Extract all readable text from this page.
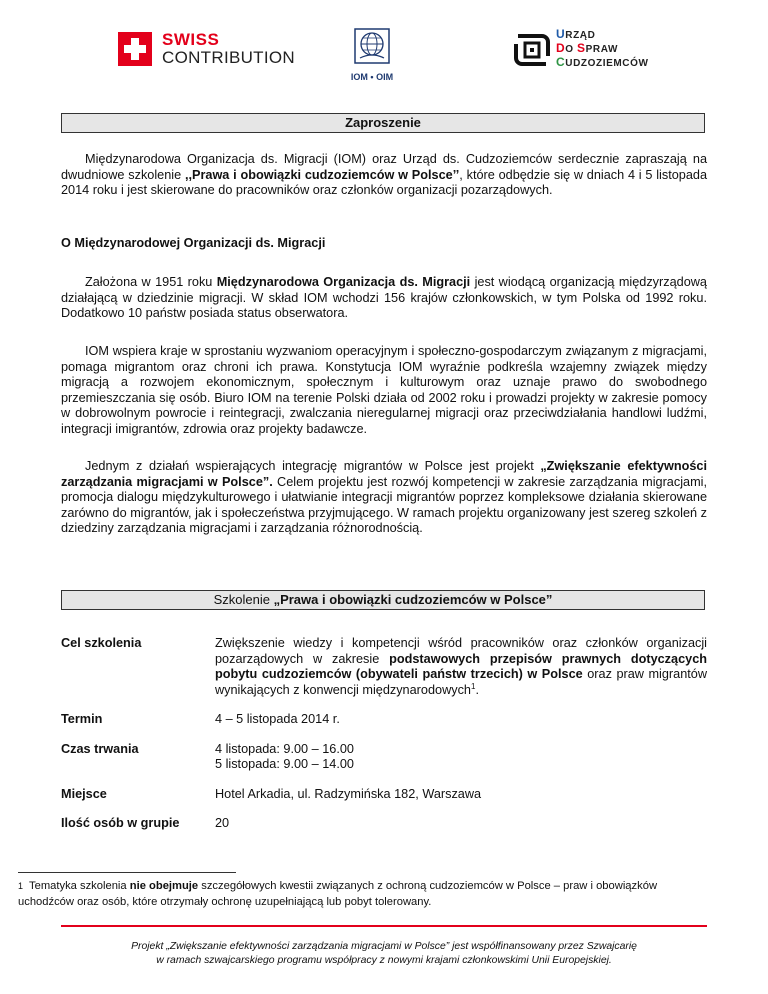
SWISS
CONTRIBUTION
IOM • OIM
URZĄD
DO SPRAW
CUDZOZIEMCÓW
Zaproszenie

Międzynarodowa Organizacja ds. Migracji (IOM) oraz Urząd ds. Cudzoziemców serdecznie zapraszają na dwudniowe szkolenie ,,Prawa i obowiązki cudzoziemców w Polsce’’, które odbędzie się w dniach 4 i 5 listopada 2014 roku i jest skierowane do pracowników oraz członków organizacji pozarządowych.

O Międzynarodowej Organizacji ds. Migracji

Założona w 1951 roku Międzynarodowa Organizacja ds. Migracji jest wiodącą organizacją międzyrządową działającą w dziedzinie migracji. W skład IOM wchodzi 156 krajów członkowskich, w tym Polska od 1992 roku. Dodatkowo 10 państw posiada status obserwatora.

IOM wspiera kraje w sprostaniu wyzwaniom operacyjnym i społeczno-gospodarczym związanym z migracjami, pomaga migrantom oraz chroni ich prawa. Konstytucja IOM wyraźnie podkreśla wzajemny związek między migracją a rozwojem ekonomicznym, społecznym i kulturowym oraz uznaje prawo do swobodnego przemieszczania się osób. Biuro IOM na terenie Polski działa od 2002 roku i prowadzi projekty w zakresie pomocy w dobrowolnym powrocie i reintegracji, zwalczania nieregularnej migracji oraz przeciwdziałania handlowi ludźmi, integracji imigrantów, zdrowia oraz projekty badawcze.

Jednym z działań wspierających integrację migrantów w Polsce jest projekt „Zwiększanie efektywności zarządzania migracjami w Polsce”. Celem projektu jest rozwój kompetencji w zakresie zarządzania migracjami, promocja dialogu międzykulturowego i ułatwianie integracji migrantów poprzez kompleksowe działania skierowane zarówno do migrantów, jak i społeczeństwa przyjmującego. W ramach projektu organizowany jest szereg szkoleń z dziedziny zarządzania migracjami i zarządzania różnorodnością.

Szkolenie „Prawa i obowiązki cudzoziemców w Polsce”
Cel szkolenia	Zwiększenie wiedzy i kompetencji wśród pracowników oraz członków organizacji pozarządowych w zakresie podstawowych przepisów prawnych dotyczących pobytu cudzoziemców (obywateli państw trzecich) w Polsce oraz praw migrantów wynikających z konwencji międzynarodowych$^1$.
Termin	4 – 5 listopada 2014 r.
Czas trwania	4 listopada: 9.00 – 16.00
5 listopada: 9.00 – 14.00

Miejsce	Hotel Arkadia, ul. Radzymińska 182, Warszawa
Ilość osób w grupie	20
$^1$ Tematyka szkolenia nie obejmuje szczegółowych kwestii związanych z ochroną cudzoziemców w Polsce – praw i obowiązków uchodźców oraz osób, które otrzymały ochronę uzupełniającą lub pobyt tolerowany.
Projekt „Zwiększanie efektywności zarządzania migracjami w Polsce” jest współfinansowany przez Szwajcarię
w ramach szwajcarskiego programu współpracy z nowymi krajami członkowskimi Unii Europejskiej.
